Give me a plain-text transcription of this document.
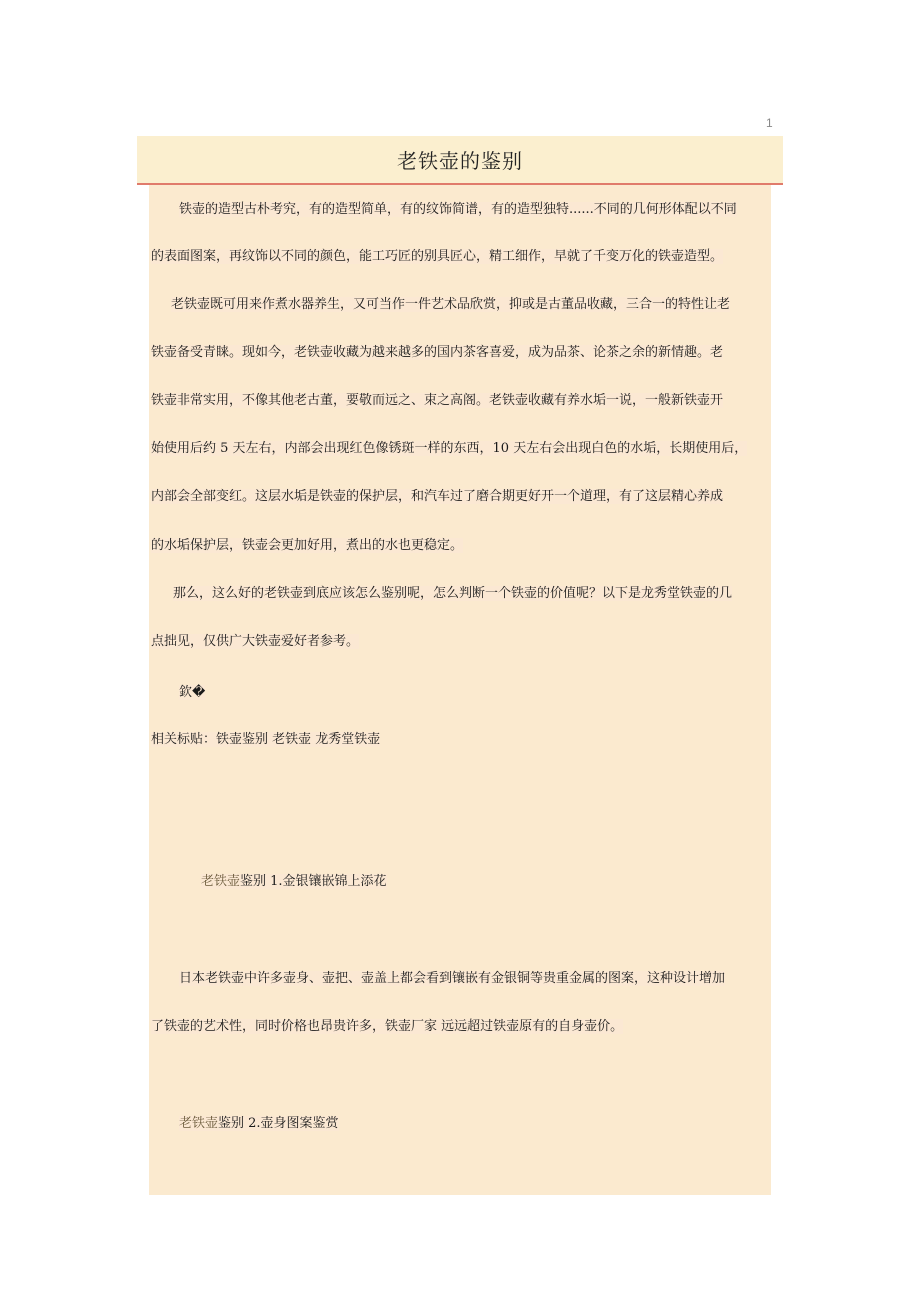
1
老铁壶的鉴别
铁壶的造型古朴考究，有的造型简单，有的纹饰简谱，有的造型独特......不同的几何形体配以不同
的表面图案，再纹饰以不同的颜色，能工巧匠的别具匠心，精工细作，早就了千变万化的铁壶造型。
老铁壶既可用来作煮水器养生，又可当作一件艺术品欣赏，抑或是古董品收藏，三合一的特性让老
铁壶备受青睐。现如今，老铁壶收藏为越来越多的国内茶客喜爱，成为品茶、论茶之余的新情趣。老
铁壶非常实用，不像其他老古董，要敬而远之、束之高阁。老铁壶收藏有养水垢一说，一般新铁壶开
始使用后约 5 天左右，内部会出现红色像锈斑一样的东西，10 天左右会出现白色的水垢，长期使用后，
内部会全部变红。这层水垢是铁壶的保护层，和汽车过了磨合期更好开一个道理，有了这层精心养成
的水垢保护层，铁壶会更加好用，煮出的水也更稳定。
那么，这么好的老铁壶到底应该怎么鉴别呢，怎么判断一个铁壶的价值呢？以下是龙秀堂铁壶的几
点拙见，仅供广大铁壶爱好者参考。
欽�
相关标贴：铁壶鉴别 老铁壶 龙秀堂铁壶
老铁壶鉴别 1.金银镶嵌锦上添花
日本老铁壶中许多壶身、壶把、壶盖上都会看到镶嵌有金银铜等贵重金属的图案，这种设计增加
了铁壶的艺术性，同时价格也昂贵许多，铁壶厂家 远远超过铁壶原有的自身壶价。
老铁壶鉴别 2.壶身图案鉴赏
